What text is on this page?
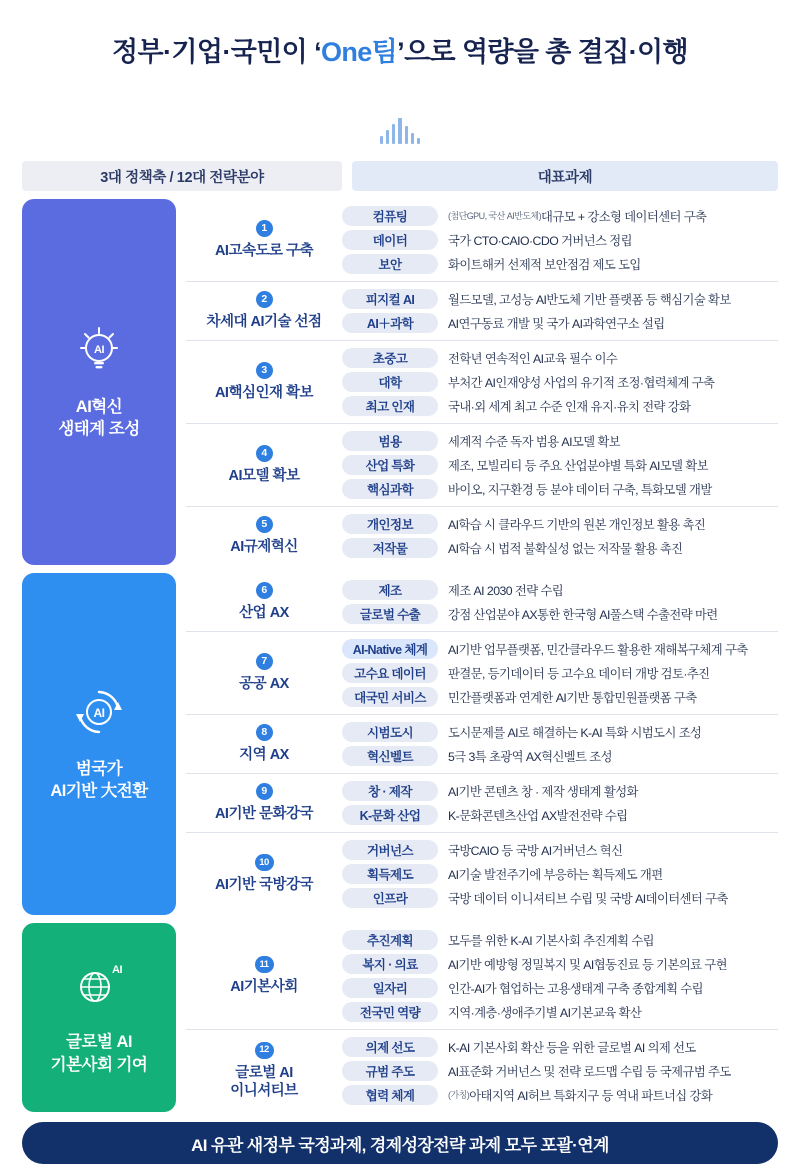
정부·기업·국민이 ‘One팀’으로 역량을 총 결집·이행
3대 정책축 / 12대 전략분야	대표과제
AI
AI혁신
생태계 조성
1
AI고속도로 구축
컴퓨팅	$^{(첨단GPU, 국산 AI반도체)}$대규모 + 강소형 데이터센터 구축
데이터	국가 CTO·CAIO·CDO 거버넌스 정립
보안	화이트해커 선제적 보안점검 제도 도입
2
차세대 AI기술 선점
피지컬 AI	월드모델, 고성능 AI반도체 기반 플랫폼 등 핵심기술 확보
AI＋과학	AI연구동료 개발 및 국가 AI과학연구소 설립
3
AI핵심인재 확보
초중고	전학년 연속적인 AI교육 필수 이수
대학	부처간 AI인재양성 사업의 유기적 조정·협력체계 구축
최고 인재	국내·외 세계 최고 수준 인재 유지·유치 전략 강화
4
AI모델 확보
범용	세계적 수준 독자 범용 AI모델 확보
산업 특화	제조, 모빌리티 등 주요 산업분야별 특화 AI모델 확보
핵심과학	바이오, 지구환경 등 분야 데이터 구축, 특화모델 개발
5
AI규제혁신
개인정보	AI학습 시 클라우드 기반의 원본 개인정보 활용 촉진
저작물	AI학습 시 법적 불확실성 없는 저작물 활용 촉진
AI
범국가
AI기반 大전환
6
산업 AX
제조	제조 AI 2030 전략 수립
글로벌 수출	강점 산업분야 AX통한 한국형 AI풀스택 수출전략 마련
7
공공 AX
AI-Native 체계	AI기반 업무플랫폼, 민간클라우드 활용한 재해복구체계 구축
고수요 데이터	판결문, 등기데이터 등 고수요 데이터 개방 검토·추진
대국민 서비스	민간플랫폼과 연계한 AI기반 통합민원플랫폼 구축
8
지역 AX
시범도시	도시문제를 AI로 해결하는 K-AI 특화 시범도시 조성
혁신벨트	5극 3특 초광역 AX혁신벨트 조성
9
AI기반 문화강국
창 · 제작	AI기반 콘텐츠 창 · 제작 생태계 활성화
K-문화 산업	K-문화콘텐츠산업 AX발전전략 수립
10
AI기반 국방강국
거버넌스	국방CAIO 등 국방 AI거버넌스 혁신
획득제도	AI기술 발전주기에 부응하는 획득제도 개편
인프라	국방 데이터 이니셔티브 수립 및 국방 AI데이터센터 구축
AI
글로벌 AI
기본사회 기여
11
AI기본사회
추진계획	모두를 위한 K-AI 기본사회 추진계획 수립
복지 · 의료	AI기반 예방형 정밀복지 및 AI협동진료 등 기본의료 구현
일자리	인간-AI가 협업하는 고용생태계 구축 종합계획 수립
전국민 역량	지역·계층·생애주기별 AI기본교육 확산
12
글로벌 AI
이니셔티브
의제 선도	K-AI 기본사회 확산 등을 위한 글로벌 AI 의제 선도
규범 주도	AI표준화 거버넌스 및 전략 로드맵 수립 등 국제규범 주도
협력 체계	$^{(가칭)}$아태지역 AI허브 특화지구 등 역내 파트너십 강화
AI 유관 새정부 국정과제, 경제성장전략 과제 모두 포괄·연계
